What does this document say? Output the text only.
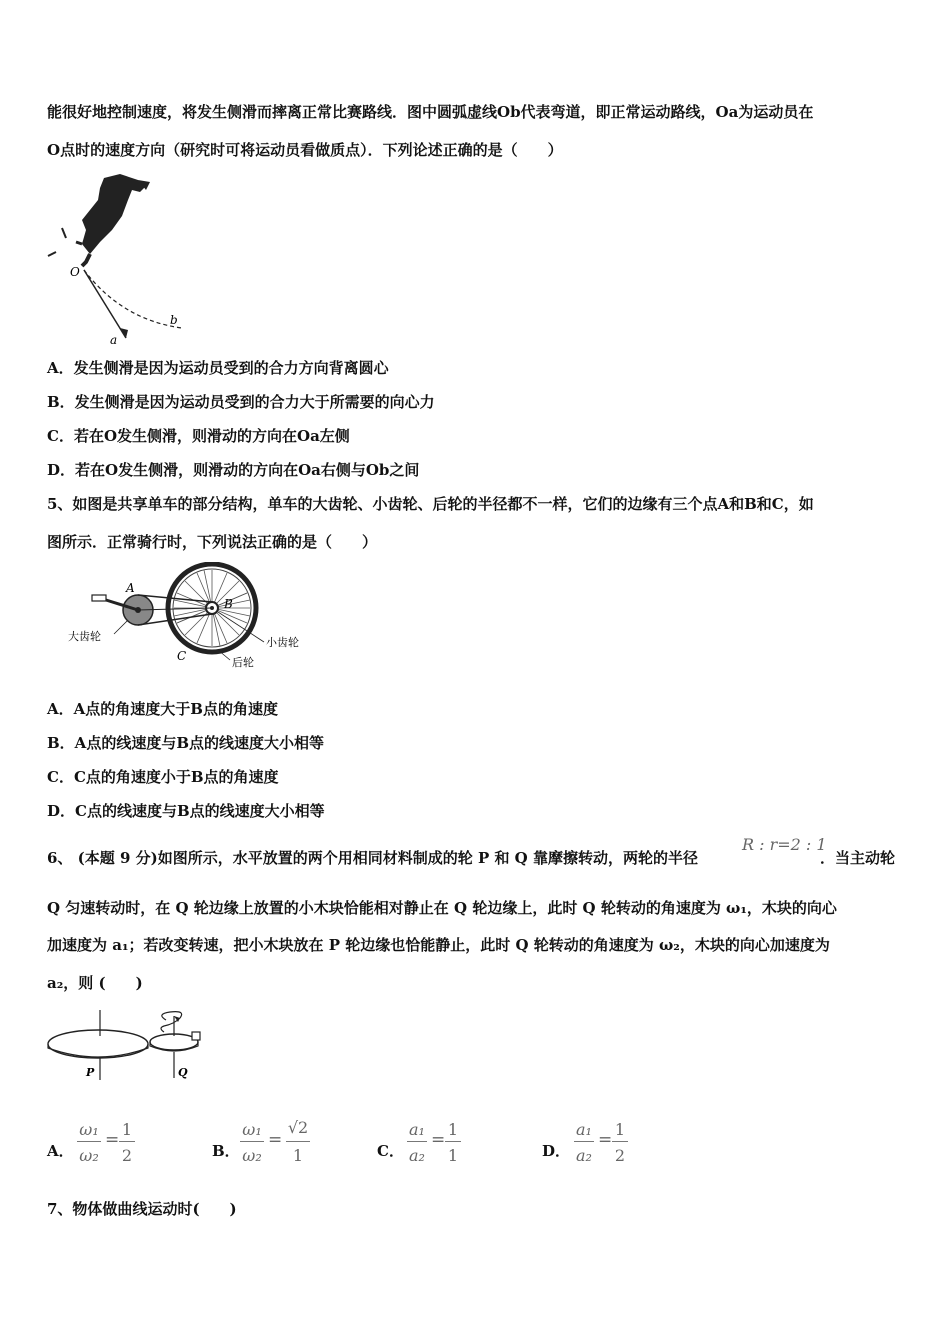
能很好地控制速度，将发生侧滑而摔离正常比赛路线．图中圆弧虚线Ob代表弯道，即正常运动路线，Oa为运动员在
O点时的速度方向（研究时可将运动员看做质点）．下列论述正确的是（　　）
O
a
b
A．发生侧滑是因为运动员受到的合力方向背离圆心
B．发生侧滑是因为运动员受到的合力大于所需要的向心力
C．若在O发生侧滑，则滑动的方向在Oa左侧
D．若在O发生侧滑，则滑动的方向在Oa右侧与Ob之间
5、如图是共享单车的部分结构，单车的大齿轮、小齿轮、后轮的半径都不一样，它们的边缘有三个点A和B和C，如
图所示．正常骑行时，下列说法正确的是（　　）
A
B
C
大齿轮	小齿轮
后轮
A．A点的角速度大于B点的角速度
B．A点的线速度与B点的线速度大小相等
C．C点的角速度小于B点的角速度
D．C点的线速度与B点的线速度大小相等
6、 (本题 9 分)如图所示，水平放置的两个用相同材料制成的轮 P 和 Q 靠摩擦转动，两轮的半径
R : r=2 : 1
．当主动轮
Q 匀速转动时，在 Q 轮边缘上放置的小木块恰能相对静止在 Q 轮边缘上，此时 Q 轮转动的角速度为 ω₁，木块的向心
加速度为 a₁；若改变转速，把小木块放在 P 轮边缘也恰能静止，此时 Q 轮转动的角速度为 ω₂，木块的向心加速度为
a₂，则 (　　)
P	Q
A．
ω₁
ω₂
=
1
2	B．
ω₁
ω₂
=
√2
1	C．
a₁
a₂
=
1
1	D．
a₁
a₂
=
1
2
7、物体做曲线运动时(　　)
